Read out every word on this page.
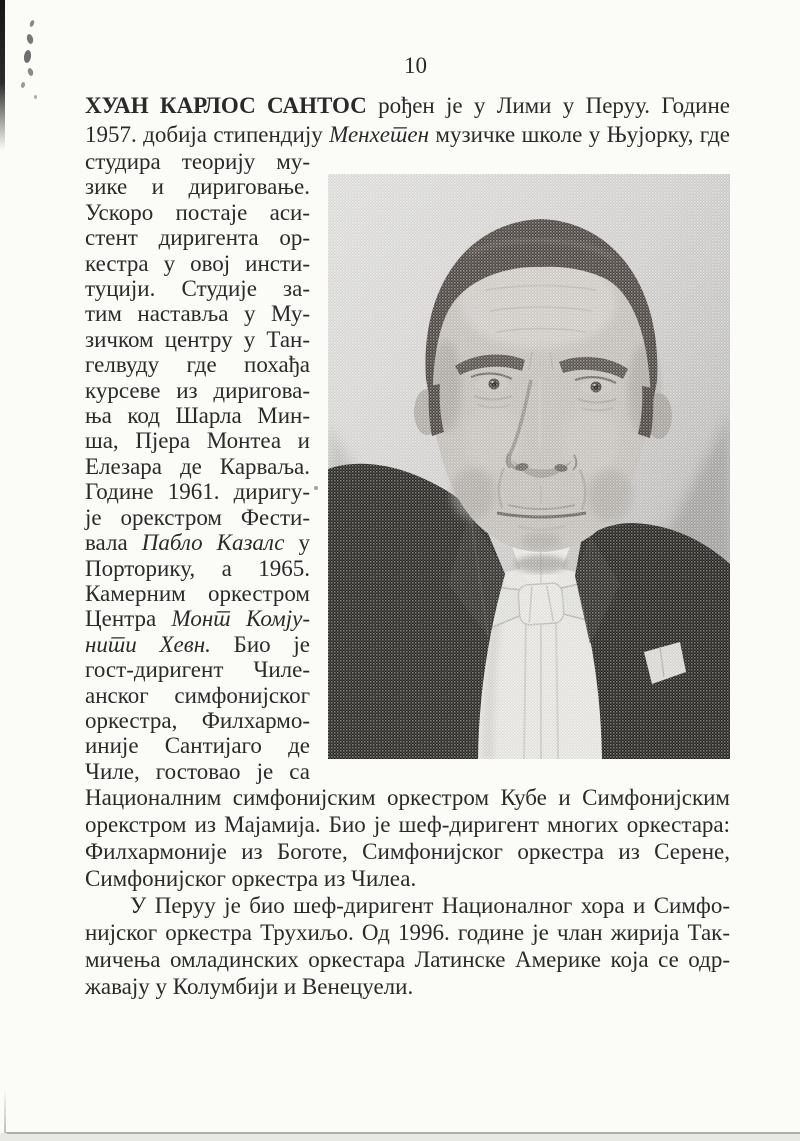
10
ХУАН КАРЛОС САНТОС рођен је у Лими у Перуу. Године
1957. добија стипендију Менхетен музичке школе у Њујорку, где
студира теорију му-
зике и дириговање.
Ускоро постаје аси-
стент диригента ор-
кестра у овој инсти-
туцији. Студије за-
тим наставља у Му-
зичком центру у Тан-
гелвуду где похађа
курсеве из диригова-
ња код Шарла Мин-
ша, Пјера Монтеа и
Елезара де Карваља.
Године 1961. диригу-
је орекстром Фести-
вала Пабло Казалс у
Порторику, а 1965.
Камерним оркестром
Центра Монт Комју-
нити Хевн. Био је
гост-диригент Чиле-
анског симфонијског
оркестра, Филхармо-
иније Сантијаго де
Чиле, гостовао је са
Националним симфонијским оркестром Кубе и Симфонијским
орекстром из Мајамија. Био је шеф-диригент многих оркестара:
Филхармоније из Боготе, Симфонијског оркестра из Серене,
Симфонијског оркестра из Чилеа.
У Перуу је био шеф-диригент Националног хора и Симфо-
нијског оркестра Трухиљо. Од 1996. године је члан жирија Так-
мичења омладинских оркестара Латинске Америке која се одр-
жавају у Колумбији и Венецуели.
